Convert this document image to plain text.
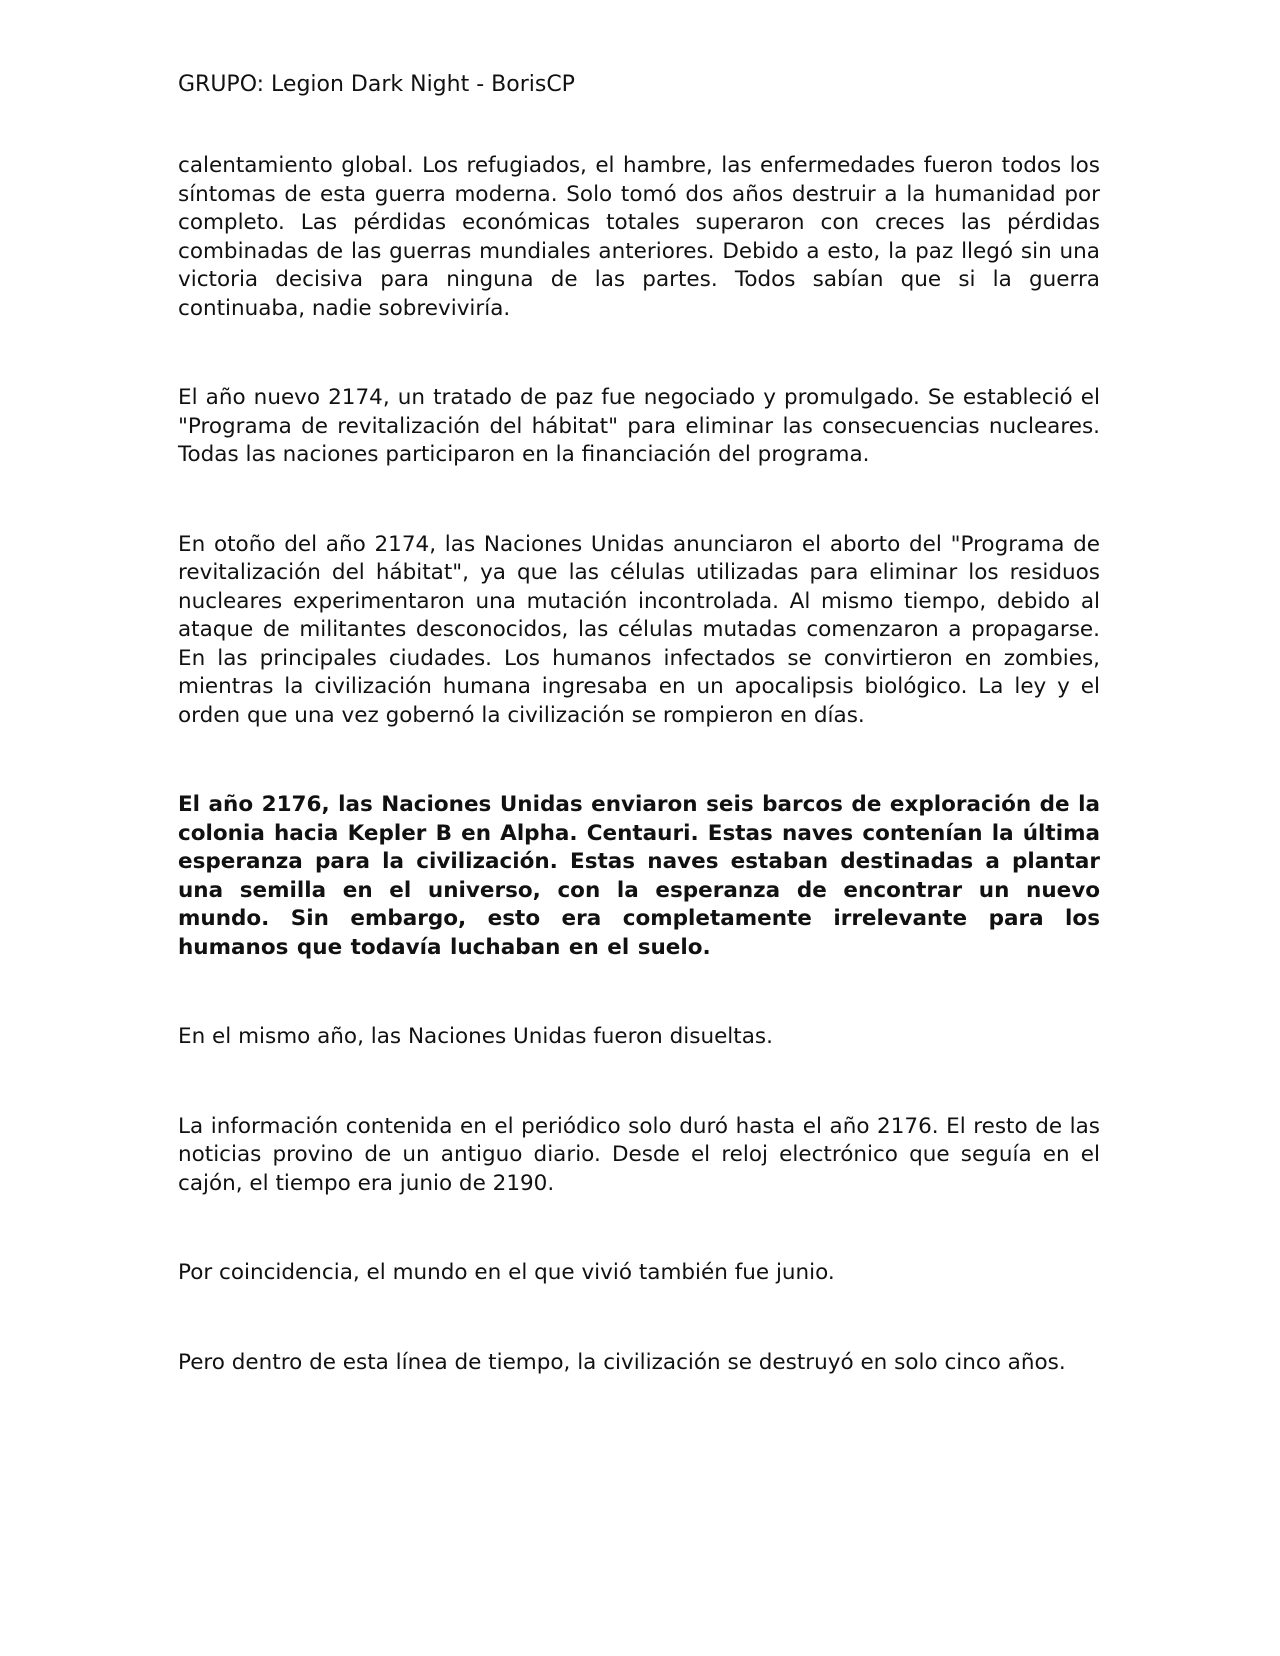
GRUPO: Legion Dark Night - BorisCP

calentamiento global. Los refugiados, el hambre, las enfermedades fueron todos los síntomas de esta guerra moderna. Solo tomó dos años destruir a la humanidad por completo. Las pérdidas económicas totales superaron con creces las pérdidas combinadas de las guerras mundiales anteriores. Debido a esto, la paz llegó sin una victoria decisiva para ninguna de las partes. Todos sabían que si la guerra continuaba, nadie sobreviviría.

El año nuevo 2174, un tratado de paz fue negociado y promulgado. Se estableció el "Programa de revitalización del hábitat" para eliminar las consecuencias nucleares. Todas las naciones participaron en la financiación del programa.

En otoño del año 2174, las Naciones Unidas anunciaron el aborto del "Programa de revitalización del hábitat", ya que las células utilizadas para eliminar los residuos nucleares experimentaron una mutación incontrolada. Al mismo tiempo, debido al ataque de militantes desconocidos, las células mutadas comenzaron a propagarse. En las principales ciudades. Los humanos infectados se convirtieron en zombies, mientras la civilización humana ingresaba en un apocalipsis biológico. La ley y el orden que una vez gobernó la civilización se rompieron en días.

El año 2176, las Naciones Unidas enviaron seis barcos de exploración de la colonia hacia Kepler B en Alpha. Centauri. Estas naves contenían la última esperanza para la civilización. Estas naves estaban destinadas a plantar una semilla en el universo, con la esperanza de encontrar un nuevo mundo. Sin embargo, esto era completamente irrelevante para los humanos que todavía luchaban en el suelo.

En el mismo año, las Naciones Unidas fueron disueltas.

La información contenida en el periódico solo duró hasta el año 2176. El resto de las noticias provino de un antiguo diario. Desde el reloj electrónico que seguía en el cajón, el tiempo era junio de 2190.

Por coincidencia, el mundo en el que vivió también fue junio.

Pero dentro de esta línea de tiempo, la civilización se destruyó en solo cinco años.
